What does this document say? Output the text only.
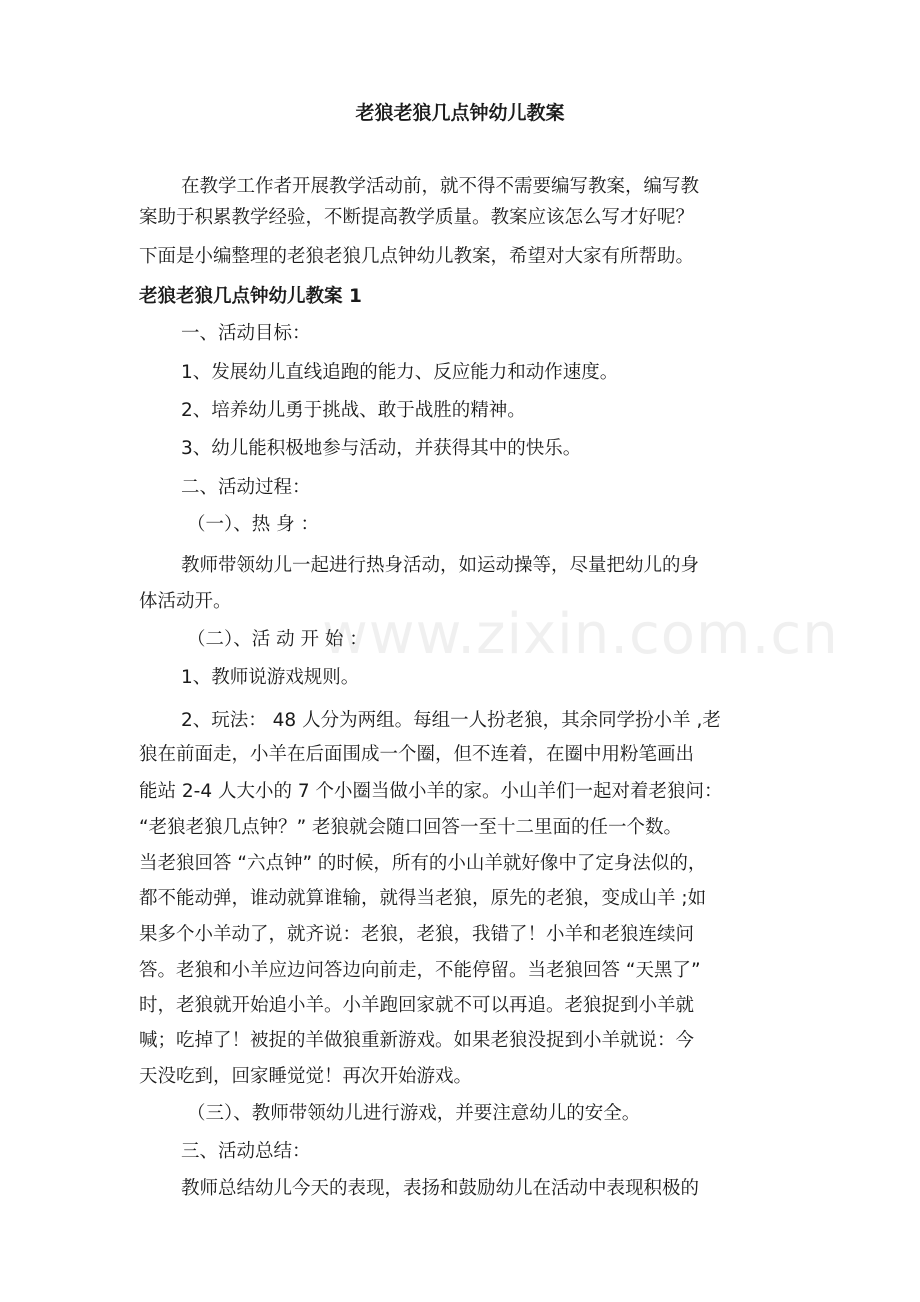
老狼老狼几点钟幼儿教案
www.zixin.com.cn
在教学工作者开展教学活动前，就不得不需要编写教案，编写教
案助于积累教学经验，不断提高教学质量。教案应该怎么写才好呢？
下面是小编整理的老狼老狼几点钟幼儿教案，希望对大家有所帮助。
老狼老狼几点钟幼儿教案 1
一、活动目标：
1、发展幼儿直线追跑的能力、反应能力和动作速度。
2、培养幼儿勇于挑战、敢于战胜的精神。
3、幼儿能积极地参与活动，并获得其中的快乐。
二、活动过程：
（一）、热 身 ：
教师带领幼儿一起进行热身活动，如运动操等，尽量把幼儿的身
体活动开。
（二）、活 动 开 始 ：
1、教师说游戏规则。
2、玩法： 48 人分为两组。每组一人扮老狼，其余同学扮小羊 ,老
狼在前面走，小羊在后面围成一个圈，但不连着，在圈中用粉笔画出
能站 2-4 人大小的 7 个小圈当做小羊的家。小山羊们一起对着老狼问：
“老狼老狼几点钟？” 老狼就会随口回答一至十二里面的任一个数。
当老狼回答 “六点钟” 的时候，所有的小山羊就好像中了定身法似的，
都不能动弹，谁动就算谁输，就得当老狼，原先的老狼，变成山羊 ;如
果多个小羊动了，就齐说：老狼，老狼，我错了！小羊和老狼连续问
答。老狼和小羊应边问答边向前走，不能停留。当老狼回答 “天黑了”
时，老狼就开始追小羊。小羊跑回家就不可以再追。老狼捉到小羊就
喊；吃掉了！被捉的羊做狼重新游戏。如果老狼没捉到小羊就说：今
天没吃到，回家睡觉觉！再次开始游戏。
（三）、教师带领幼儿进行游戏，并要注意幼儿的安全。
三、活动总结：
教师总结幼儿今天的表现，表扬和鼓励幼儿在活动中表现积极的
